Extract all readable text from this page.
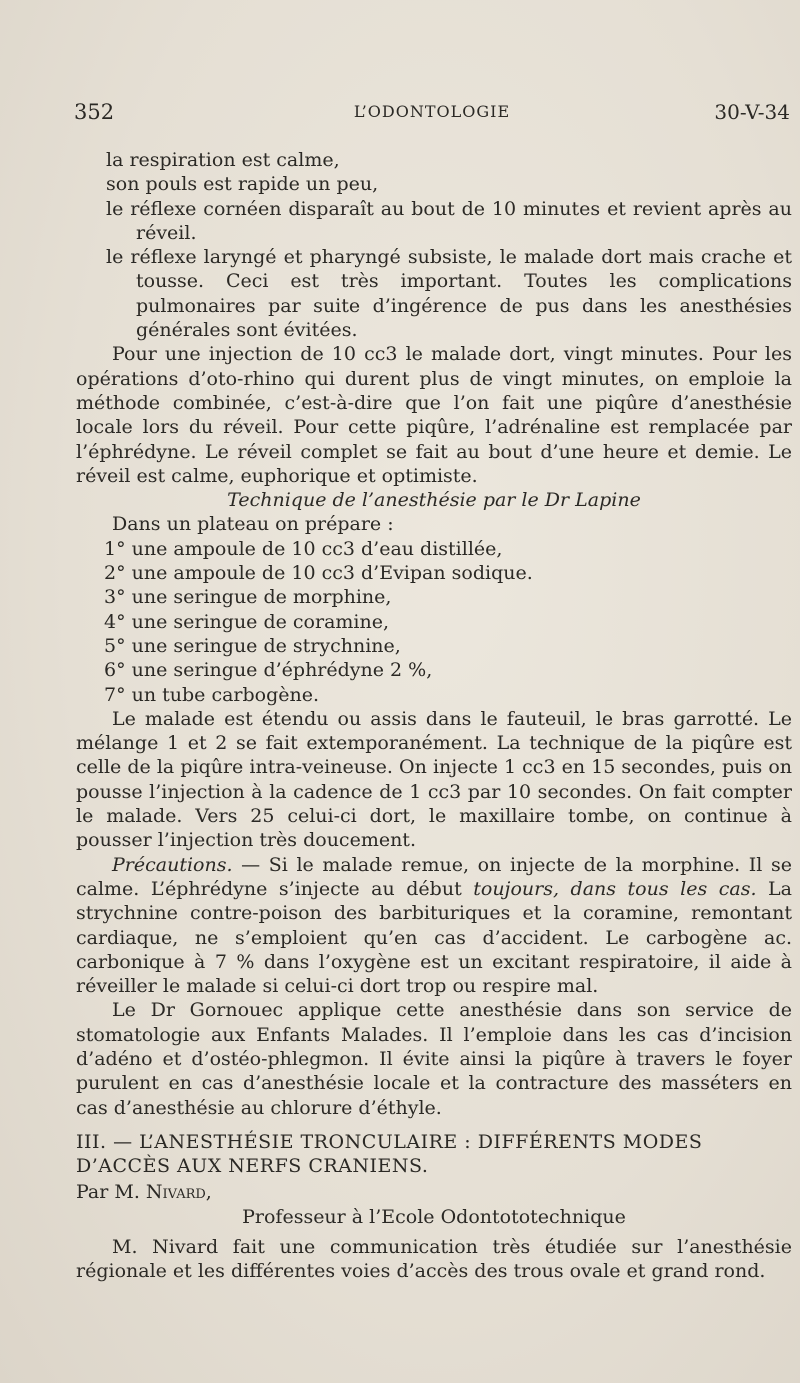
352	L’ODONTOLOGIE	30-V-34

la respiration est calme,

son pouls est rapide un peu,

le réflexe cornéen disparaît au bout de 10 minutes et revient après au réveil.

le réflexe laryngé et pharyngé subsiste, le malade dort mais crache et tousse. Ceci est très important. Toutes les complications pulmonaires par suite d’ingérence de pus dans les anesthésies générales sont évitées.

Pour une injection de 10 cc3 le malade dort, vingt minutes. Pour les opérations d’oto-rhino qui durent plus de vingt minutes, on emploie la méthode combinée, c’est-à-dire que l’on fait une piqûre d’anesthésie locale lors du réveil. Pour cette piqûre, l’adrénaline est remplacée par l’éphrédyne. Le réveil complet se fait au bout d’une heure et demie. Le réveil est calme, euphorique et optimiste.

Technique de l’anesthésie par le Dr Lapine

Dans un plateau on prépare :

1° une ampoule de 10 cc3 d’eau distillée,

2° une ampoule de 10 cc3 d’Evipan sodique.

3° une seringue de morphine,

4° une seringue de coramine,

5° une seringue de strychnine,

6° une seringue d’éphrédyne 2 %,

7° un tube carbogène.

Le malade est étendu ou assis dans le fauteuil, le bras garrotté. Le mélange 1 et 2 se fait extemporanément. La technique de la piqûre est celle de la piqûre intra-veineuse. On injecte 1 cc3 en 15 secondes, puis on pousse l’injection à la cadence de 1 cc3 par 10 secondes. On fait compter le malade. Vers 25 celui-ci dort, le maxillaire tombe, on continue à pousser l’injection très doucement.

Précautions. — Si le malade remue, on injecte de la morphine. Il se calme. L’éphrédyne s’injecte au début toujours, dans tous les cas. La strychnine contre-poison des barbituriques et la coramine, remontant cardiaque, ne s’emploient qu’en cas d’accident. Le carbogène ac. carbonique à 7 % dans l’oxygène est un excitant respiratoire, il aide à réveiller le malade si celui-ci dort trop ou respire mal.

Le Dr Gornouec applique cette anesthésie dans son service de stomatologie aux Enfants Malades. Il l’emploie dans les cas d’incision d’adéno et d’ostéo-phlegmon. Il évite ainsi la piqûre à travers le foyer purulent en cas d’anesthésie locale et la contracture des masséters en cas d’anesthésie au chlorure d’éthyle.

III. — L’ANESTHÉSIE TRONCULAIRE : DIFFÉRENTS MODES
D’ACCÈS AUX NERFS CRANIENS.

Par M. Nivard,

Professeur à l’Ecole Odontototechnique

M. Nivard fait une communication très étudiée sur l’anesthésie régionale et les différentes voies d’accès des trous ovale et grand rond.
